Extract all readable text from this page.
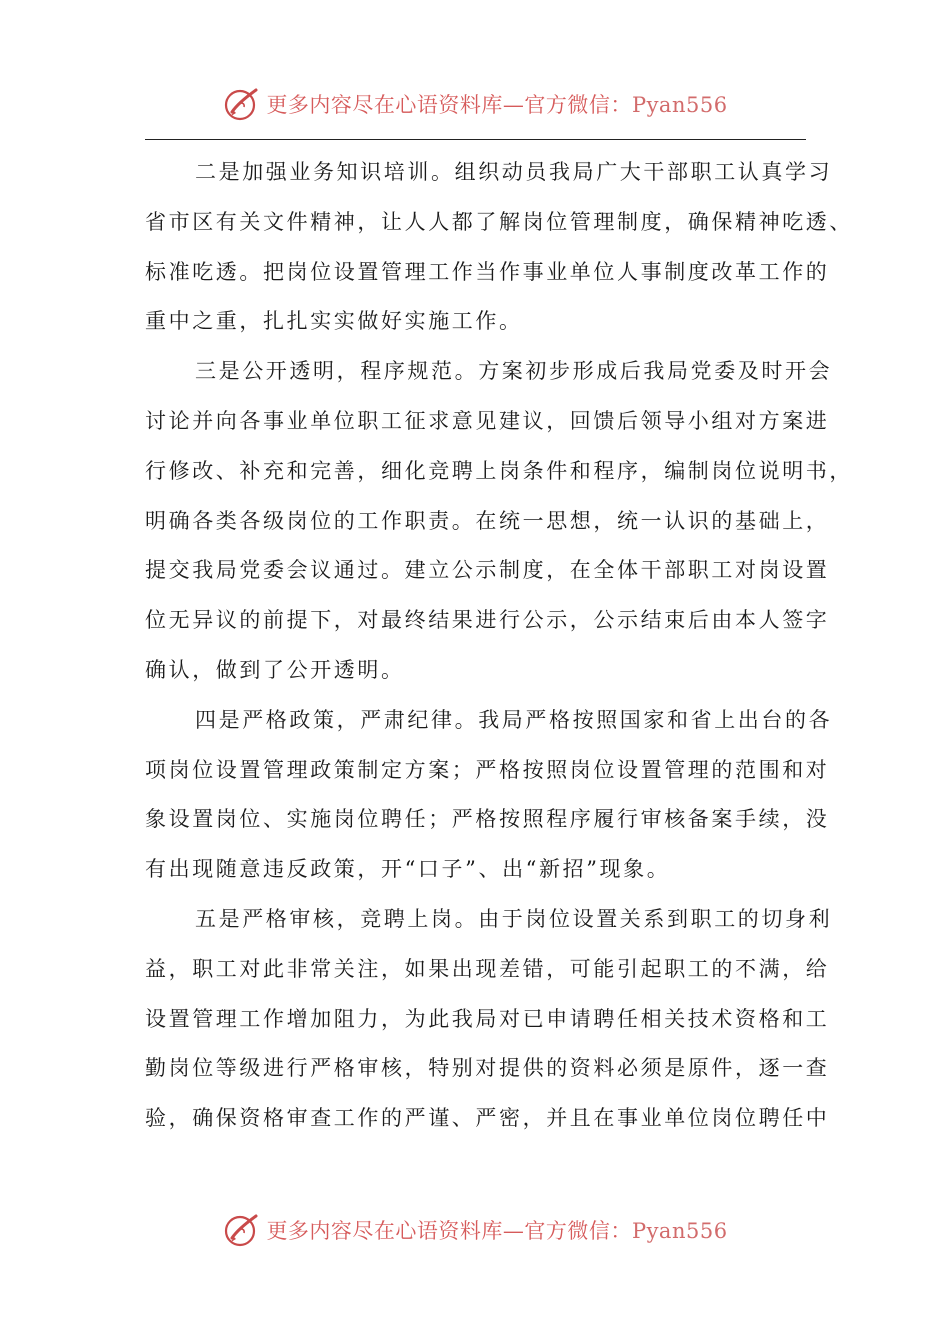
更多内容尽在心语资料库—官方微信：Pyan556
二是加强业务知识培训。组织动员我局广大干部职工认真学习
省市区有关文件精神，让人人都了解岗位管理制度，确保精神吃透、
标准吃透。把岗位设置管理工作当作事业单位人事制度改革工作的
重中之重，扎扎实实做好实施工作。
三是公开透明，程序规范。方案初步形成后我局党委及时开会
讨论并向各事业单位职工征求意见建议，回馈后领导小组对方案进
行修改、补充和完善，细化竞聘上岗条件和程序，编制岗位说明书，
明确各类各级岗位的工作职责。在统一思想，统一认识的基础上，
提交我局党委会议通过。建立公示制度，在全体干部职工对岗设置
位无异议的前提下，对最终结果进行公示，公示结束后由本人签字
确认，做到了公开透明。
四是严格政策，严肃纪律。我局严格按照国家和省上出台的各
项岗位设置管理政策制定方案；严格按照岗位设置管理的范围和对
象设置岗位、实施岗位聘任；严格按照程序履行审核备案手续，没
有出现随意违反政策，开“口子”、出“新招”现象。
五是严格审核，竞聘上岗。由于岗位设置关系到职工的切身利
益，职工对此非常关注，如果出现差错，可能引起职工的不满，给
设置管理工作增加阻力，为此我局对已申请聘任相关技术资格和工
勤岗位等级进行严格审核，特别对提供的资料必须是原件，逐一查
验，确保资格审查工作的严谨、严密，并且在事业单位岗位聘任中
更多内容尽在心语资料库—官方微信：Pyan556
